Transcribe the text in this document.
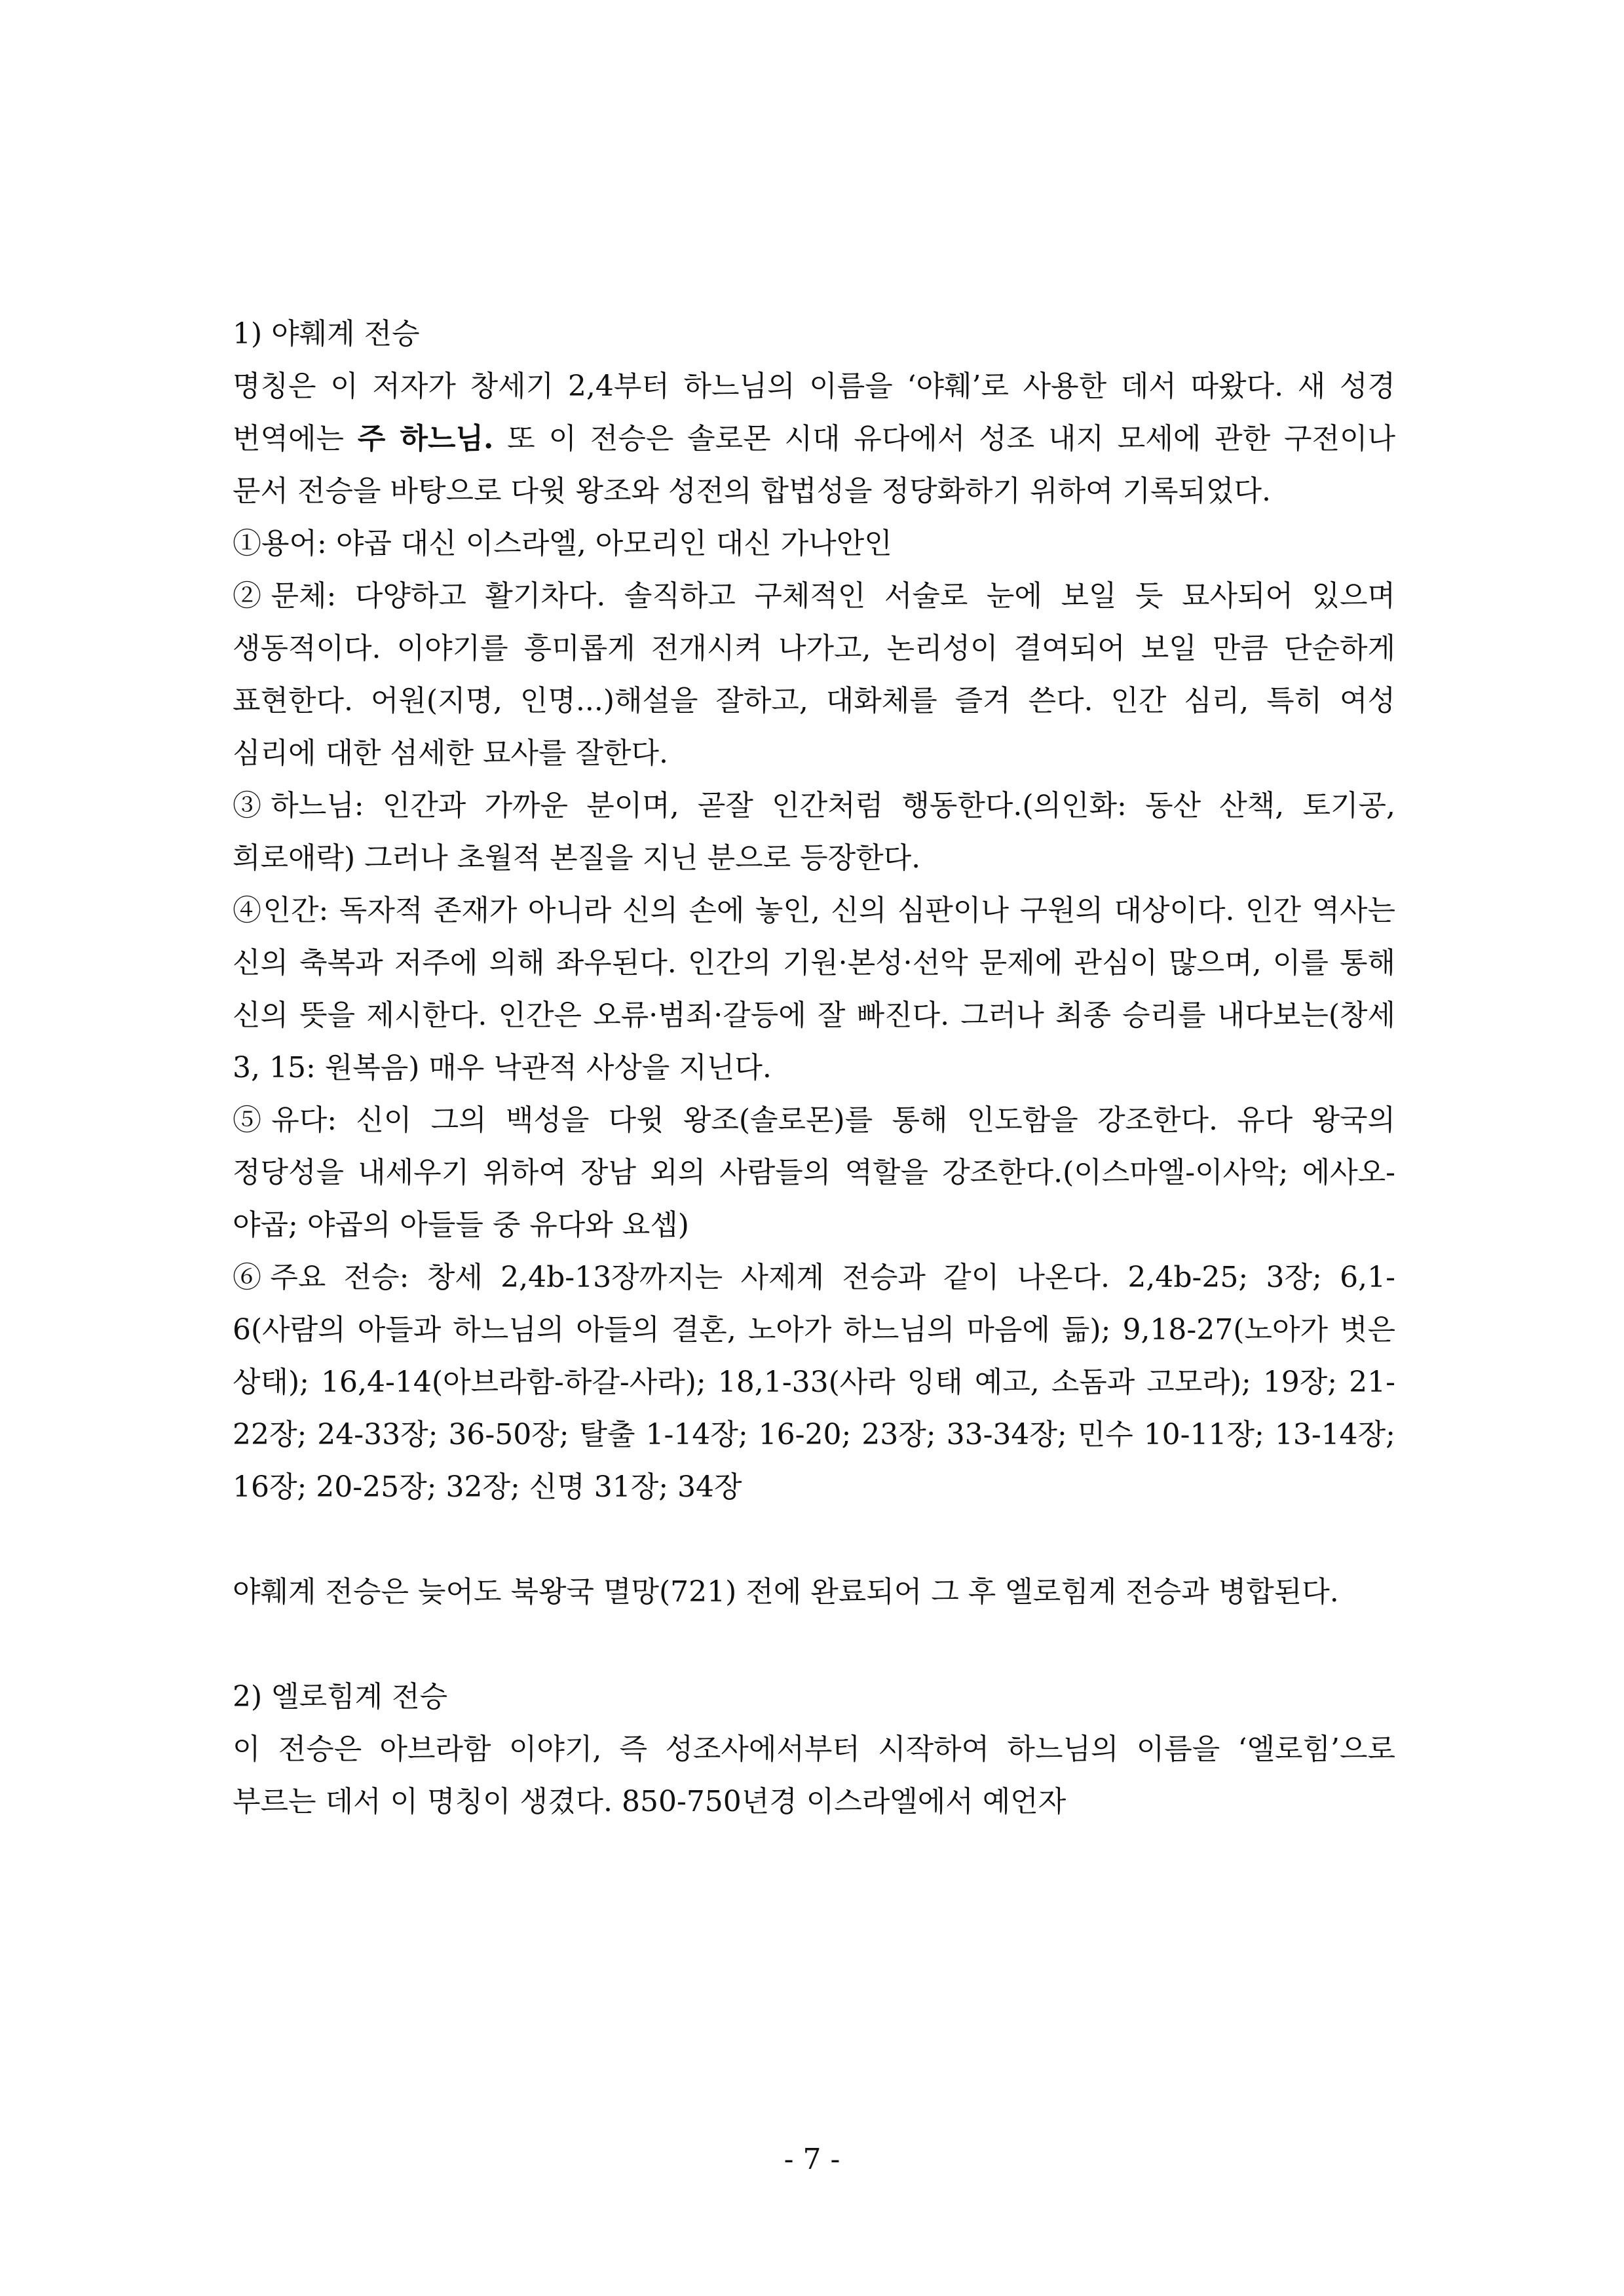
1) 야훼계 전승

명칭은 이 저자가 창세기 2,4부터 하느님의 이름을 ‘야훼’로 사용한 데서 따왔다. 새 성경 번역에는 주 하느님. 또 이 전승은 솔로몬 시대 유다에서 성조 내지 모세에 관한 구전이나 문서 전승을 바탕으로 다윗 왕조와 성전의 합법성을 정당화하기 위하여 기록되었다.

①용어: 야곱 대신 이스라엘, 아모리인 대신 가나안인

②문체: 다양하고 활기차다. 솔직하고 구체적인 서술로 눈에 보일 듯 묘사되어 있으며 생동적이다. 이야기를 흥미롭게 전개시켜 나가고, 논리성이 결여되어 보일 만큼 단순하게 표현한다. 어원(지명, 인명...)해설을 잘하고, 대화체를 즐겨 쓴다. 인간 심리, 특히 여성 심리에 대한 섬세한 묘사를 잘한다.

③하느님: 인간과 가까운 분이며, 곧잘 인간처럼 행동한다.(의인화: 동산 산책, 토기공, 희로애락) 그러나 초월적 본질을 지닌 분으로 등장한다.

④인간: 독자적 존재가 아니라 신의 손에 놓인, 신의 심판이나 구원의 대상이다. 인간 역사는 신의 축복과 저주에 의해 좌우된다. 인간의 기원·본성·선악 문제에 관심이 많으며, 이를 통해 신의 뜻을 제시한다. 인간은 오류·범죄·갈등에 잘 빠진다. 그러나 최종 승리를 내다보는(창세 3, 15: 원복음) 매우 낙관적 사상을 지닌다.

⑤유다: 신이 그의 백성을 다윗 왕조(솔로몬)를 통해 인도함을 강조한다. 유다 왕국의 정당성을 내세우기 위하여 장남 외의 사람들의 역할을 강조한다.(이스마엘-이사악; 에사오-야곱; 야곱의 아들들 중 유다와 요셉)

⑥주요 전승: 창세 2,4b-13장까지는 사제계 전승과 같이 나온다. 2,4b-25; 3장; 6,1-6(사람의 아들과 하느님의 아들의 결혼, 노아가 하느님의 마음에 듦); 9,18-27(노아가 벗은 상태); 16,4-14(아브라함-하갈-사라); 18,1-33(사라 잉태 예고, 소돔과 고모라); 19장; 21-22장; 24-33장; 36-50장; 탈출 1-14장; 16-20; 23장; 33-34장; 민수 10-11장; 13-14장; 16장; 20-25장; 32장; 신명 31장; 34장

야훼계 전승은 늦어도 북왕국 멸망(721) 전에 완료되어 그 후 엘로힘계 전승과 병합된다.

2) 엘로힘계 전승

이 전승은 아브라함 이야기, 즉 성조사에서부터 시작하여 하느님의 이름을 ‘엘로힘’으로 부르는 데서 이 명칭이 생겼다. 850-750년경 이스라엘에서 예언자

- 7 -
